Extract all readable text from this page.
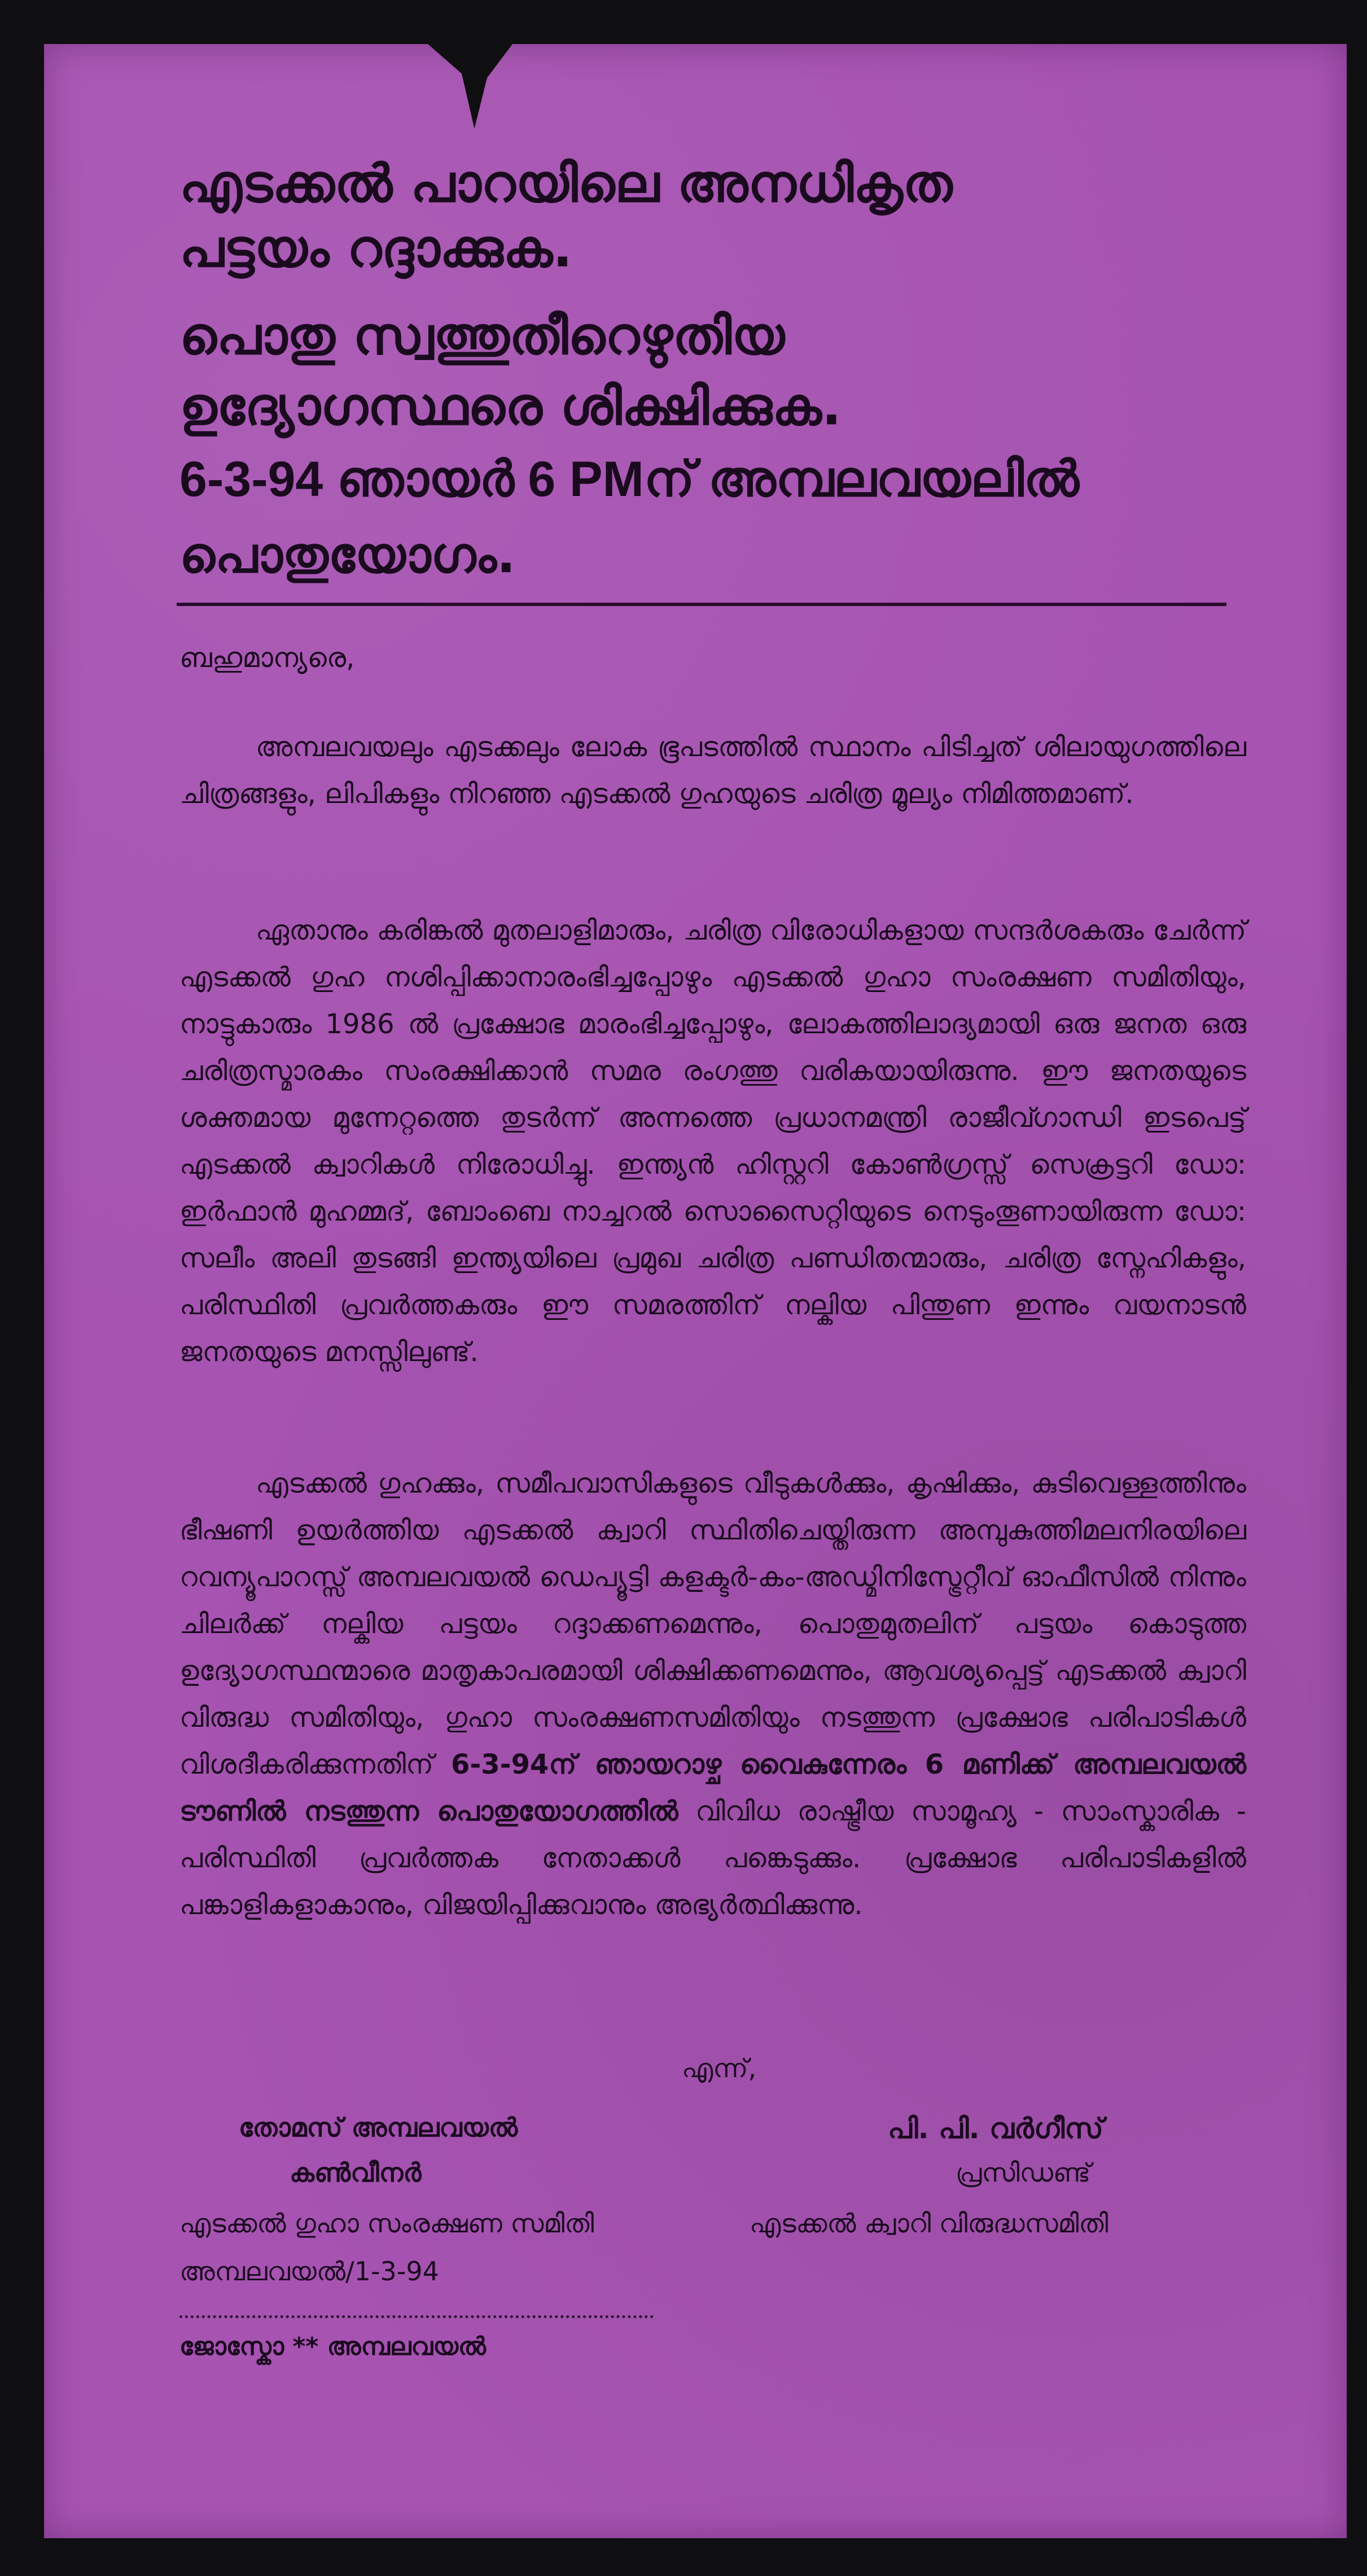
എടക്കൽ പാറയിലെ അനധികൃത
പട്ടയം റദ്ദാക്കുക.
പൊതു സ്വത്തുതീറെഴുതിയ
ഉദ്യോഗസ്ഥരെ ശിക്ഷിക്കുക.
6-3-94 ഞായർ 6 PMന് അമ്പലവയലിൽ
പൊതുയോഗം.
ബഹുമാന്യരെ,
അമ്പലവയലും എടക്കലും ലോക ഭൂപടത്തിൽ സ്ഥാനം പിടിച്ചത് ശിലായുഗത്തിലെ ചിത്രങ്ങളും, ലിപികളും നിറഞ്ഞ എടക്കൽ ഗുഹയുടെ ചരിത്ര മൂല്യം നിമിത്തമാണ്.
ഏതാനും കരിങ്കൽ മുതലാളിമാരും, ചരിത്ര വിരോധികളായ സന്ദർശകരും ചേർന്ന് എടക്കൽ ഗുഹ നശിപ്പിക്കാനാരംഭിച്ചപ്പോഴും എടക്കൽ ഗുഹാ സംരക്ഷണ സമിതിയും, നാട്ടുകാരും 1986 ൽ പ്രക്ഷോഭ മാരംഭിച്ചപ്പോഴും, ലോകത്തിലാദ്യമായി ഒരു ജനത ഒരു ചരിത്രസ്മാരകം സംരക്ഷിക്കാൻ സമര രംഗത്തു വരികയായിരുന്നു. ഈ ജനതയുടെ ശക്തമായ മുന്നേറ്റത്തെ തുടർന്ന് അന്നത്തെ പ്രധാനമന്ത്രി രാജീവ്ഗാന്ധി ഇടപെട്ട് എടക്കൽ ക്വാറികൾ നിരോധിച്ചു. ഇന്ത്യൻ ഹിസ്റ്ററി കോൺഗ്രസ്സ് സെക്രട്ടറി ഡോ: ഇർഫാൻ മുഹമ്മദ്, ബോംബെ നാച്ചറൽ സൊസൈറ്റിയുടെ നെടുംതൂണായിരുന്ന ഡോ: സലീം അലി തുടങ്ങി ഇന്ത്യയിലെ പ്രമുഖ ചരിത്ര പണ്ഡിതന്മാരും, ചരിത്ര സ്നേഹികളും, പരിസ്ഥിതി പ്രവർത്തകരും ഈ സമരത്തിന് നല്കിയ പിന്തുണ ഇന്നും വയനാടൻ ജനതയുടെ മനസ്സിലുണ്ട്.
എടക്കൽ ഗുഹക്കും, സമീപവാസികളുടെ വീടുകൾക്കും, കൃഷിക്കും, കുടിവെള്ളത്തിനും ഭീഷണി ഉയർത്തിയ എടക്കൽ ക്വാറി സ്ഥിതിചെയ്തിരുന്ന അമ്പുകുത്തിമലനിരയിലെ റവന്യൂപാറസ്സ് അമ്പലവയൽ ഡെപ്യൂട്ടി കളക്ടർ-കം-അഡ്മിനിസ്ട്രേറ്റീവ് ഓഫീസിൽ നിന്നും ചിലർക്ക് നല്കിയ പട്ടയം റദ്ദാക്കണമെന്നും, പൊതുമുതലിന് പട്ടയം കൊടുത്ത ഉദ്യോഗസ്ഥന്മാരെ മാതൃകാപരമായി ശിക്ഷിക്കണമെന്നും, ആവശ്യപ്പെട്ട് എടക്കൽ ക്വാറി വിരുദ്ധ സമിതിയും, ഗുഹാ സംരക്ഷണസമിതിയും നടത്തുന്ന പ്രക്ഷോഭ പരിപാടികൾ വിശദീകരിക്കുന്നതിന് 6-3-94ന് ഞായറാഴ്ച വൈകുന്നേരം 6 മണിക്ക് അമ്പലവയൽ ടൗണിൽ നടത്തുന്ന പൊതുയോഗത്തിൽ വിവിധ രാഷ്ട്രീയ സാമൂഹ്യ - സാംസ്കാരിക - പരിസ്ഥിതി പ്രവർത്തക നേതാക്കൾ പങ്കെടുക്കും. പ്രക്ഷോഭ പരിപാടികളിൽ പങ്കാളികളാകാനും, വിജയിപ്പിക്കുവാനും അഭ്യർത്ഥിക്കുന്നു.
എന്ന്,
തോമസ് അമ്പലവയൽ
കൺവീനർ
എടക്കൽ ഗുഹാ സംരക്ഷണ സമിതി
അമ്പലവയൽ/1-3-94
പി. പി. വർഗീസ്
പ്രസിഡണ്ട്
എടക്കൽ ക്വാറി വിരുദ്ധസമിതി
ജോസ്കോ ** അമ്പലവയൽ
